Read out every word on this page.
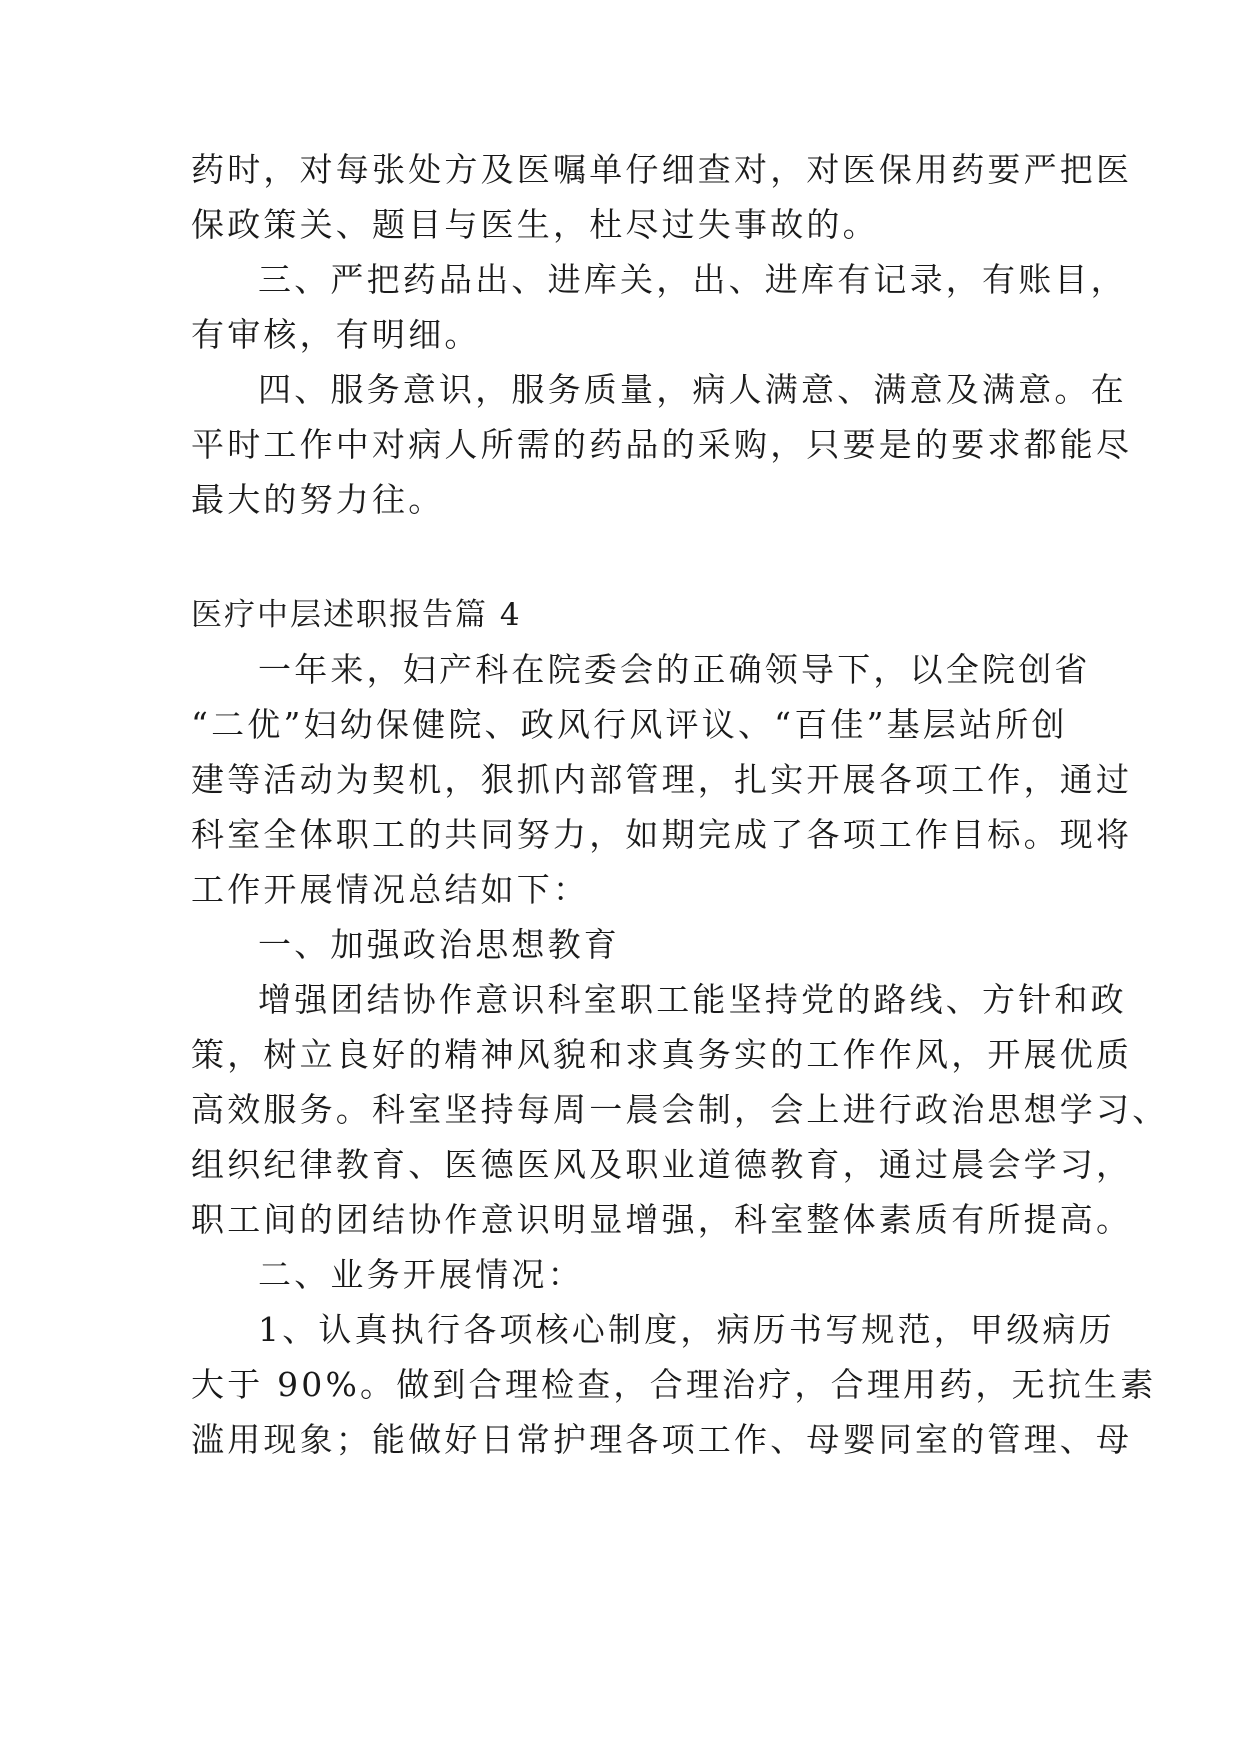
药时，对每张处方及医嘱单仔细查对，对医保用药要严把医
保政策关、题目与医生，杜尽过失事故的。
三、严把药品出、进库关，出、进库有记录，有账目，
有审核，有明细。
四、服务意识，服务质量，病人满意、满意及满意。在
平时工作中对病人所需的药品的采购，只要是的要求都能尽
最大的努力往。
医疗中层述职报告篇 4
一年来，妇产科在院委会的正确领导下，以全院创省
“二优”妇幼保健院、政风行风评议、“百佳”基层站所创
建等活动为契机，狠抓内部管理，扎实开展各项工作，通过
科室全体职工的共同努力，如期完成了各项工作目标。现将
工作开展情况总结如下：
一、加强政治思想教育
增强团结协作意识科室职工能坚持党的路线、方针和政
策，树立良好的精神风貌和求真务实的工作作风，开展优质
高效服务。科室坚持每周一晨会制，会上进行政治思想学习、
组织纪律教育、医德医风及职业道德教育，通过晨会学习，
职工间的团结协作意识明显增强，科室整体素质有所提高。
二、业务开展情况：
1、认真执行各项核心制度，病历书写规范，甲级病历
大于 90%。做到合理检查，合理治疗，合理用药，无抗生素
滥用现象；能做好日常护理各项工作、母婴同室的管理、母
